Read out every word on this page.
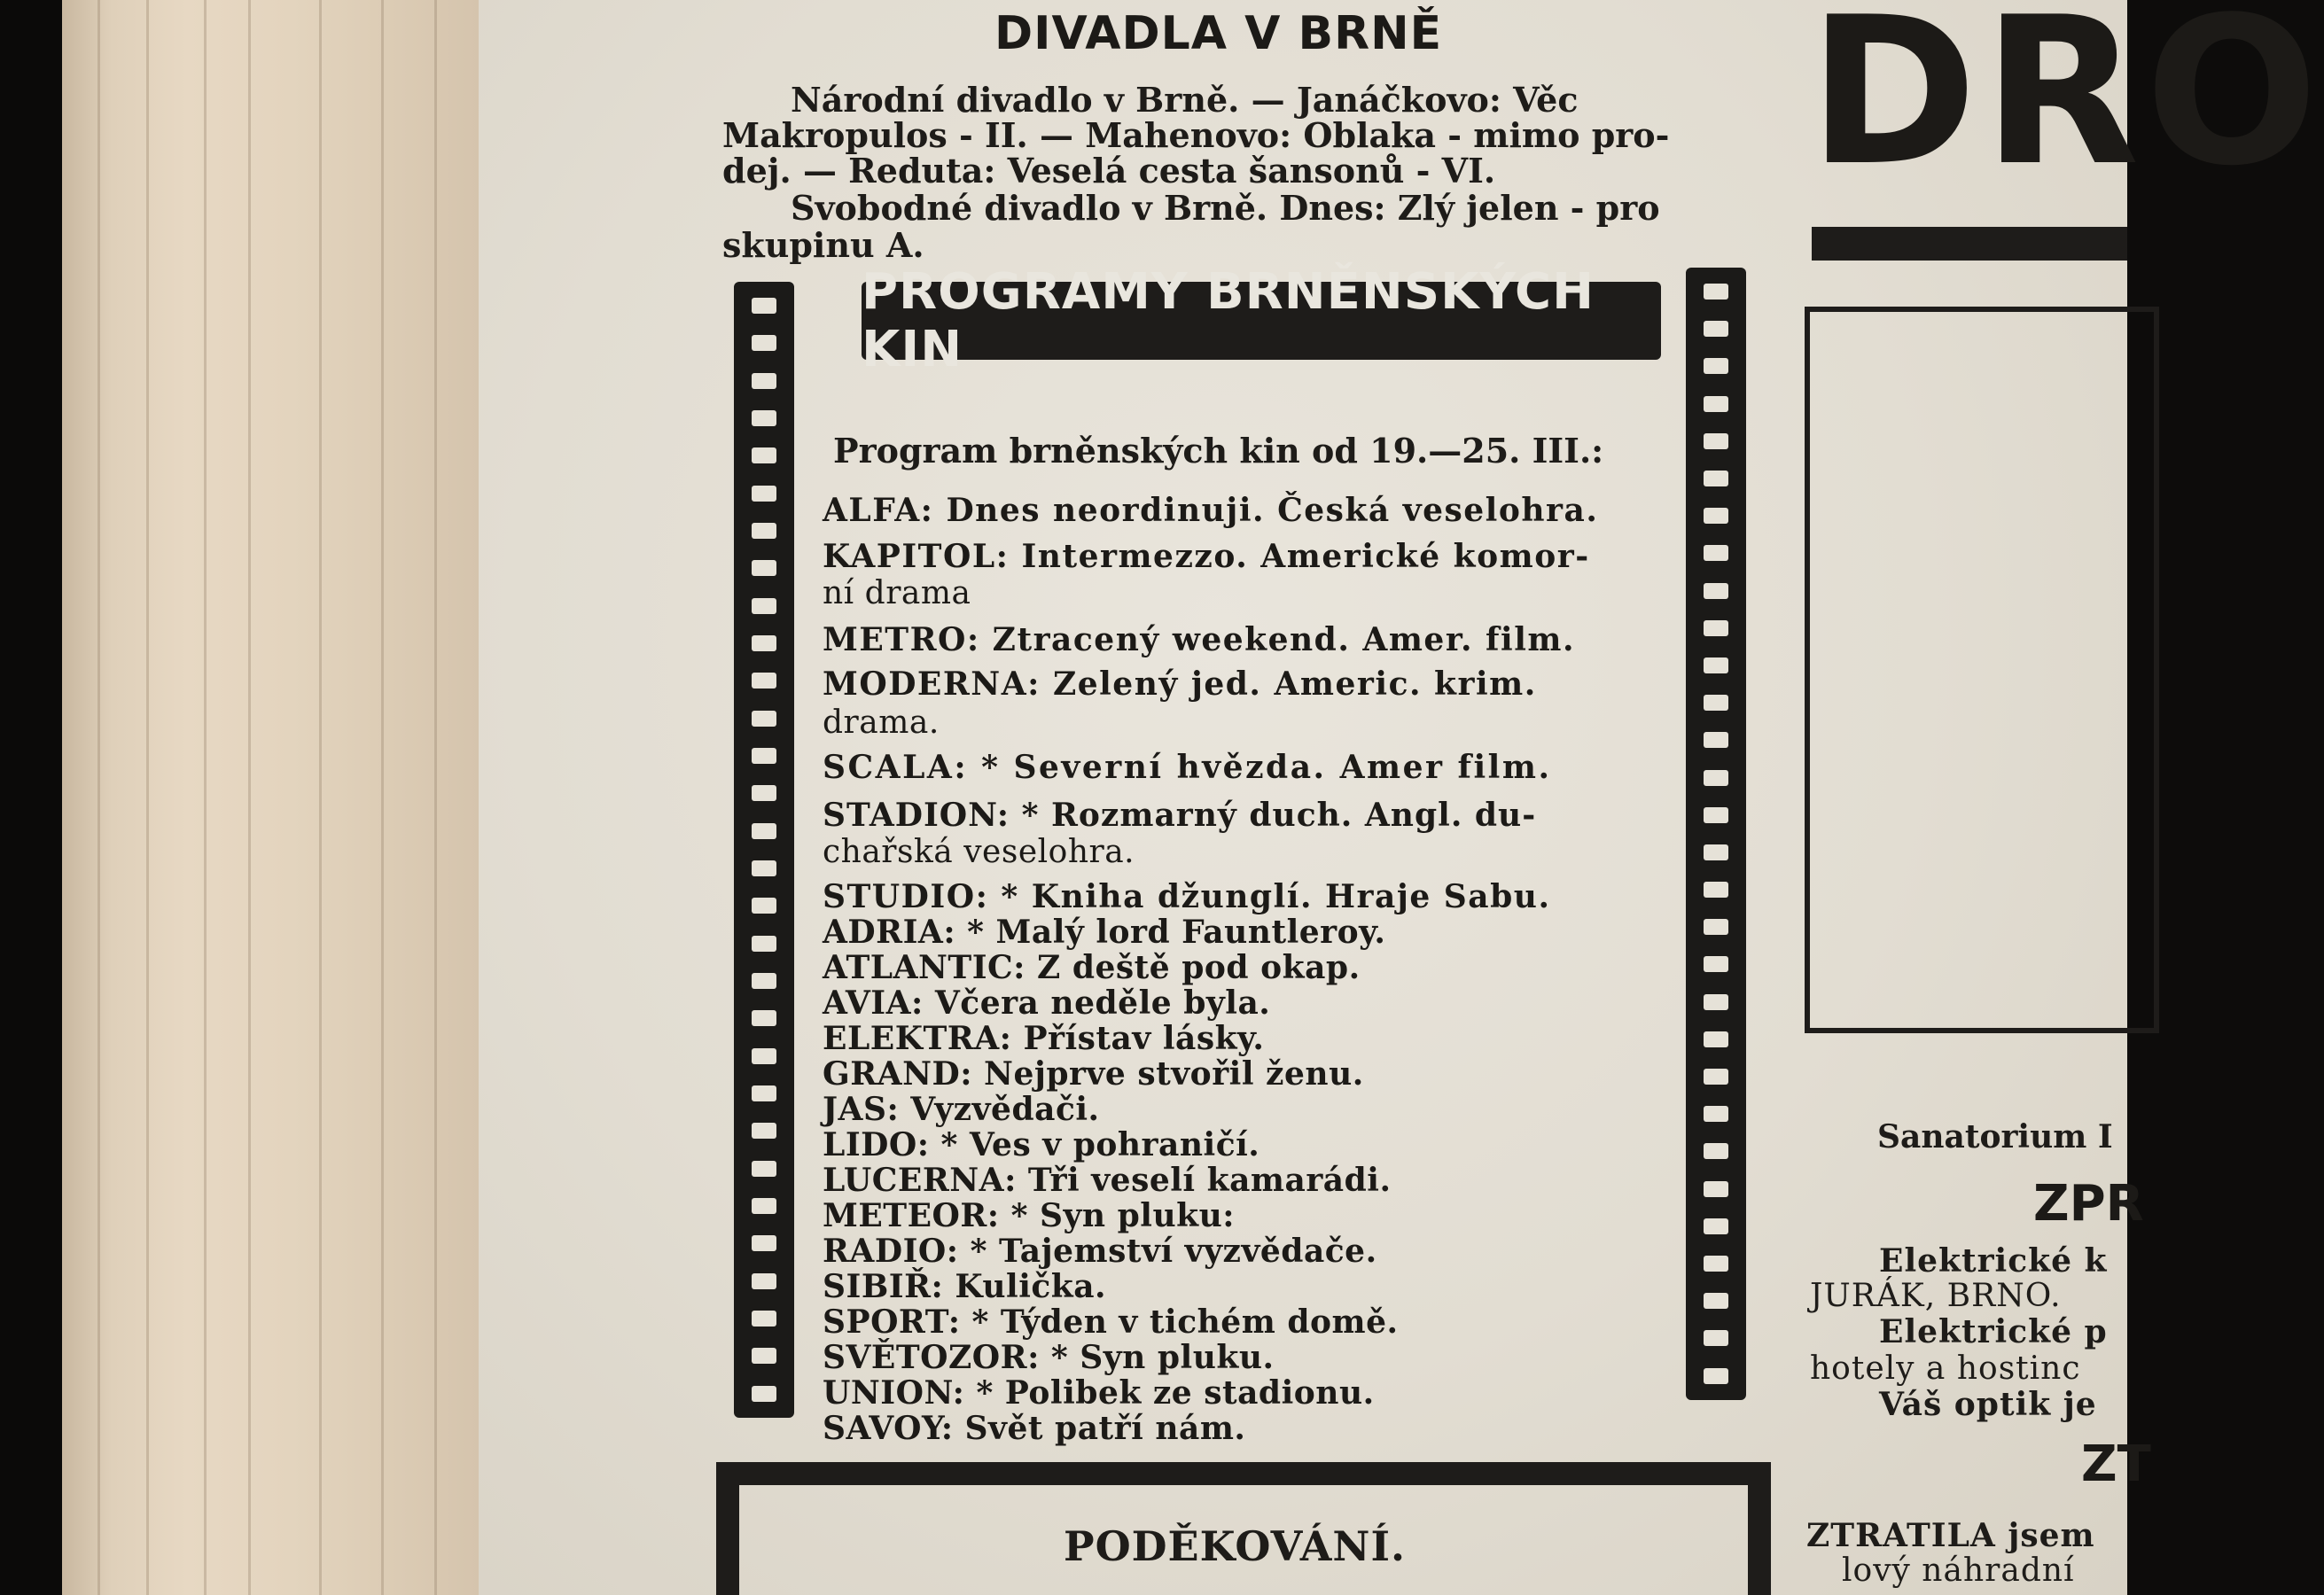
DIVADLA V BRNĚ
Národní divadlo v Brně. — Janáčkovo: Věc
Makropulos - II. — Mahenovo: Oblaka - mimo pro-
dej. — Reduta: Veselá cesta šansonů - VI.
Svobodné divadlo v Brně. Dnes: Zlý jelen - pro
skupinu A.
PROGRAMY BRNĚNSKÝCH KIN
Program brněnských kin od 19.—25. III.:
ALFA: Dnes neordinuji. Česká veselohra.
KAPITOL: Intermezzo. Americké komor-
ní drama
METRO: Ztracený weekend. Amer. film.
MODERNA: Zelený jed. Americ. krim.
drama.
SCALA: * Severní hvězda. Amer film.
STADION: * Rozmarný duch. Angl. du-
chařská veselohra.
STUDIO: * Kniha džunglí. Hraje Sabu.
ADRIA: * Malý lord Fauntleroy.
ATLANTIC: Z deště pod okap.
AVIA: Včera neděle byla.
ELEKTRA: Přístav lásky.
GRAND: Nejprve stvořil ženu.
JAS: Vyzvědači.
LIDO: * Ves v pohraničí.
LUCERNA: Tři veselí kamarádi.
METEOR: * Syn pluku:
RADIO: * Tajemství vyzvědače.
SIBIŘ: Kulička.
SPORT: * Týden v tichém domě.
SVĚTOZOR: * Syn pluku.
UNION: * Polibek ze stadionu.
SAVOY: Svět patří nám.
PODĚKOVÁNÍ.
DRO
Sanatorium I
ZPR
Elektrické k
JURÁK, BRNO.
Elektrické p
hotely a hostinc
Váš optik je
ZT
ZTRATILA jsem
lový náhradní
